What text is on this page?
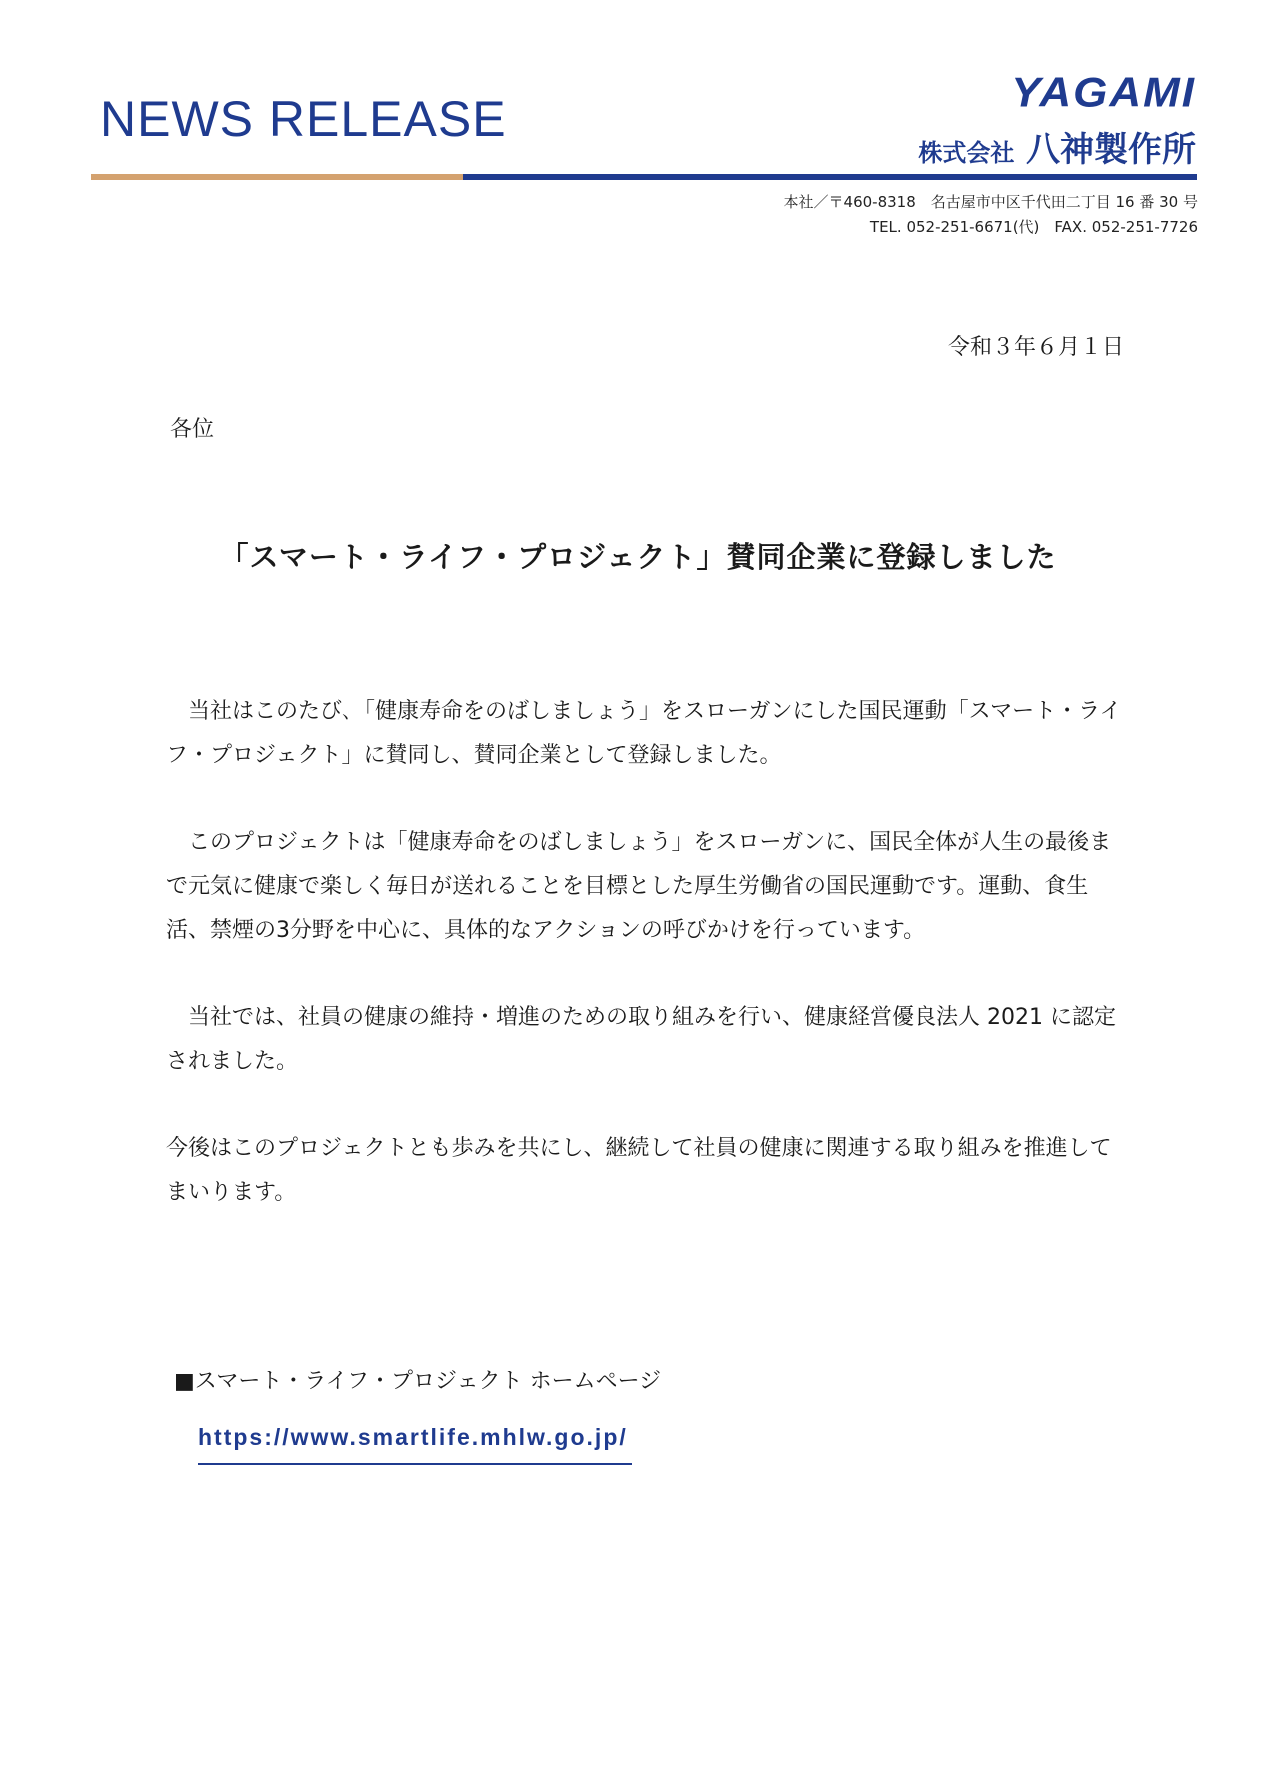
NEWS RELEASE	YAGAMI
株式会社 八神製作所
本社／〒460-8318　名古屋市中区千代田二丁目 16 番 30 号
TEL. 052-251-6671(代)　FAX. 052-251-7726
令和３年６月１日
各位
「スマート・ライフ・プロジェクト」賛同企業に登録しました

当社はこのたび､「健康寿命をのばしましょう」をスローガンにした国民運動「スマート・ライフ・プロジェクト」に賛同し、賛同企業として登録しました。

このプロジェクトは「健康寿命をのばしましょう」をスローガンに、国民全体が人生の最後まで元気に健康で楽しく毎日が送れることを目標とした厚生労働省の国民運動です。運動、食生活、禁煙の3分野を中心に、具体的なアクションの呼びかけを行っています。

当社では、社員の健康の維持・増進のための取り組みを行い、健康経営優良法人 2021 に認定されました。

今後はこのプロジェクトとも歩みを共にし、継続して社員の健康に関連する取り組みを推進してまいります。

■スマート・ライフ・プロジェクト ホームページ
https://www.smartlife.mhlw.go.jp/
